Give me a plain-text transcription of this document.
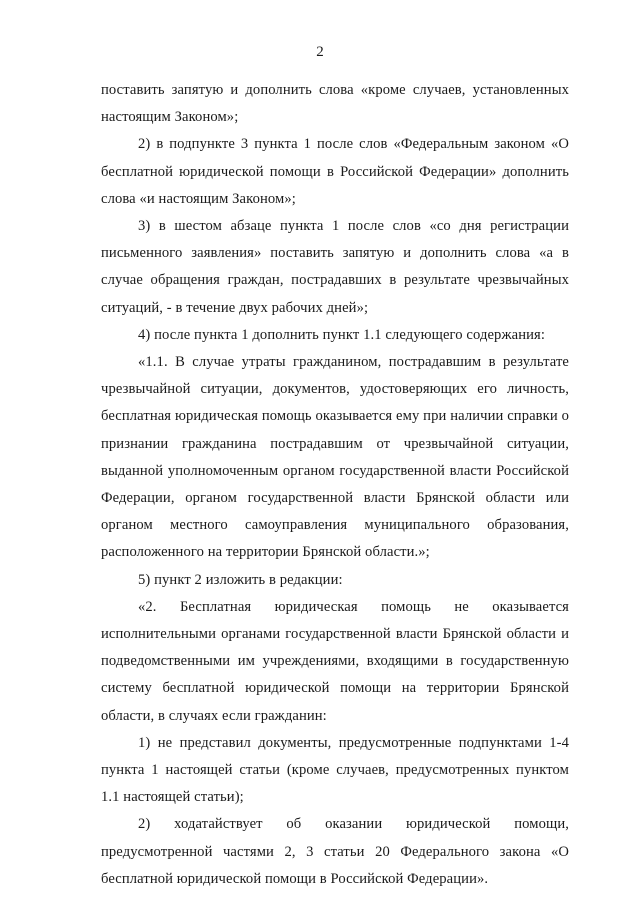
2

поставить запятую и дополнить слова «кроме случаев, установленных настоящим Законом»;

2) в подпункте 3 пункта 1 после слов «Федеральным законом «О бесплатной юридической помощи в Российской Федерации» дополнить слова «и настоящим Законом»;

3) в шестом абзаце пункта 1 после слов «со дня регистрации письменного заявления» поставить запятую и дополнить слова «а в случае обращения граждан, пострадавших в результате чрезвычайных ситуаций, - в течение двух рабочих дней»;

4) после пункта 1 дополнить пункт 1.1 следующего содержания:

«1.1. В случае утраты гражданином, пострадавшим в результате чрезвычайной ситуации, документов, удостоверяющих его личность, бесплатная юридическая помощь оказывается ему при наличии справки о признании гражданина пострадавшим от чрезвычайной ситуации, выданной уполномоченным органом государственной власти Российской Федерации, органом государственной власти Брянской области или органом местного самоуправления муниципального образования, расположенного на территории Брянской области.»;

5) пункт 2 изложить в редакции:

«2. Бесплатная юридическая помощь не оказывается исполнительными органами государственной власти Брянской области и подведомственными им учреждениями, входящими в государственную систему бесплатной юридической помощи на территории Брянской области, в случаях если гражданин:

1) не представил документы, предусмотренные подпунктами 1-4 пункта 1 настоящей статьи (кроме случаев, предусмотренных пунктом 1.1 настоящей статьи);

2) ходатайствует об оказании юридической помощи, предусмотренной частями 2, 3 статьи 20 Федерального закона «О бесплатной юридической помощи в Российской Федерации».
